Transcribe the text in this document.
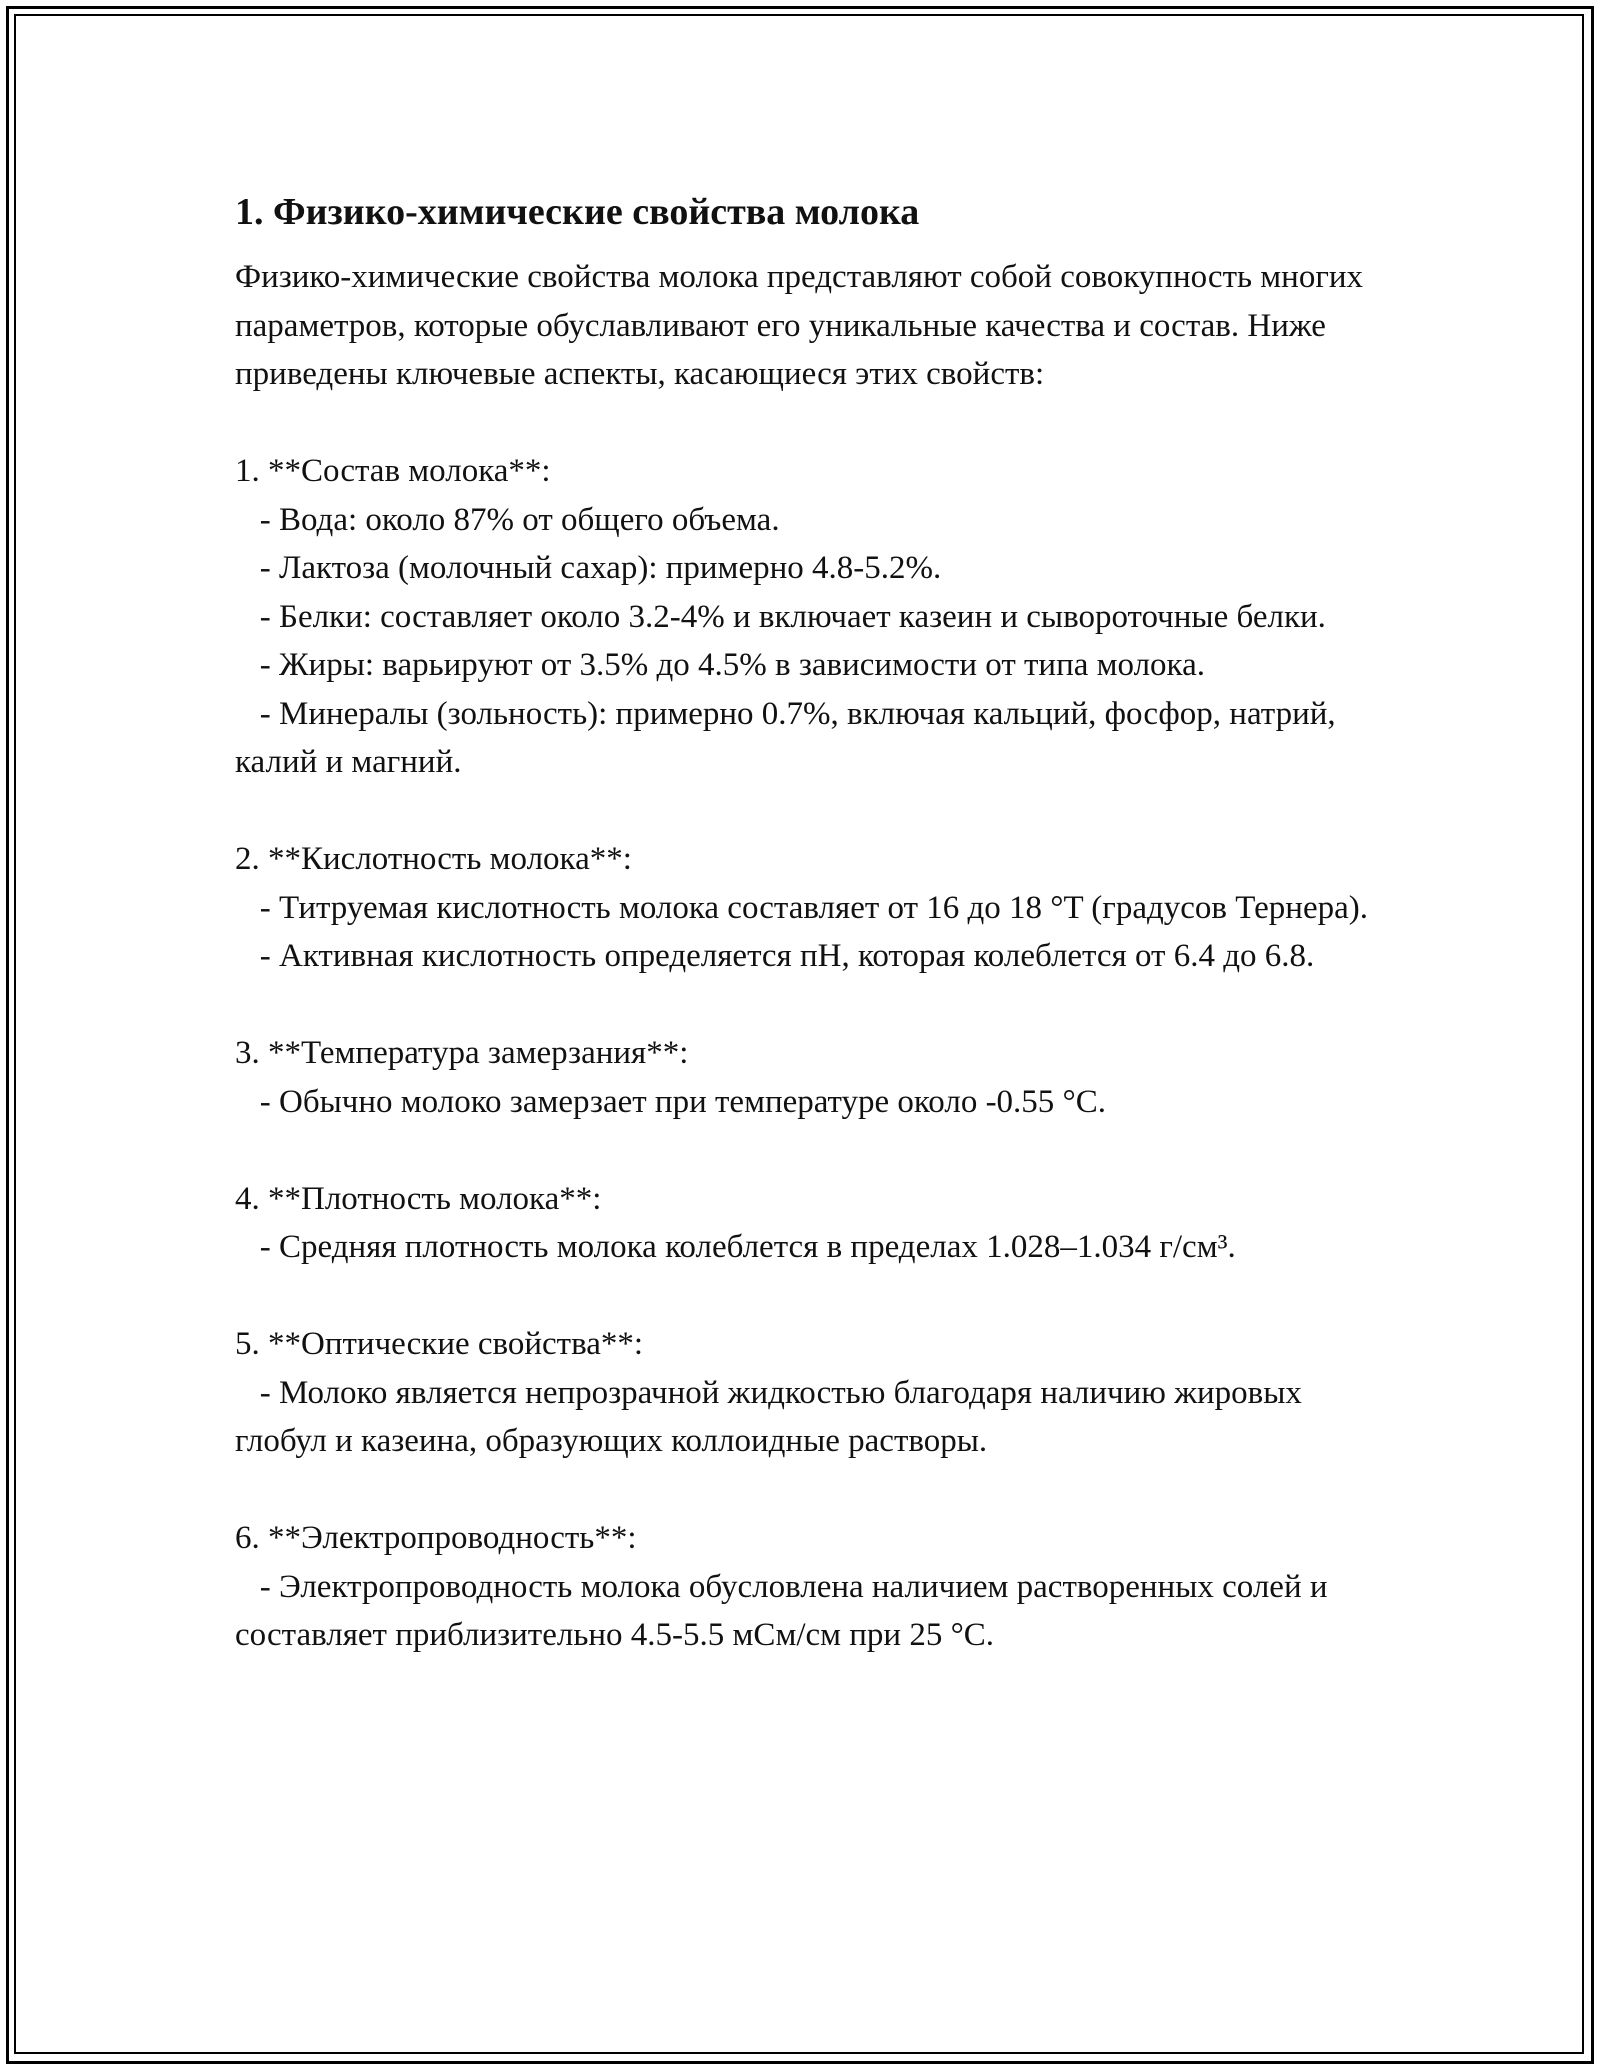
1. Физико-химические свойства молока

Физико-химические свойства молока представляют собой совокупность многих параметров, которые обуславливают его уникальные качества и состав. Ниже приведены ключевые аспекты, касающиеся этих свойств:

1. **Состав молока**:

- Вода: около 87% от общего объема.

- Лактоза (молочный сахар): примерно 4.8-5.2%.

- Белки: составляет около 3.2-4% и включает казеин и сывороточные белки.

- Жиры: варьируют от 3.5% до 4.5% в зависимости от типа молока.

- Минералы (зольность): примерно 0.7%, включая кальций, фосфор, натрий, калий и магний.

2. **Кислотность молока**:

- Титруемая кислотность молока составляет от 16 до 18 °T (градусов Тернера).

- Активная кислотность определяется пН, которая колеблется от 6.4 до 6.8.

3. **Температура замерзания**:

- Обычно молоко замерзает при температуре около -0.55 °C.

4. **Плотность молока**:

- Средняя плотность молока колеблется в пределах 1.028–1.034 г/см³.

5. **Оптические свойства**:

- Молоко является непрозрачной жидкостью благодаря наличию жировых глобул и казеина, образующих коллоидные растворы.

6. **Электропроводность**:

- Электропроводность молока обусловлена наличием растворенных солей и составляет приблизительно 4.5-5.5 мСм/см при 25 °C.
